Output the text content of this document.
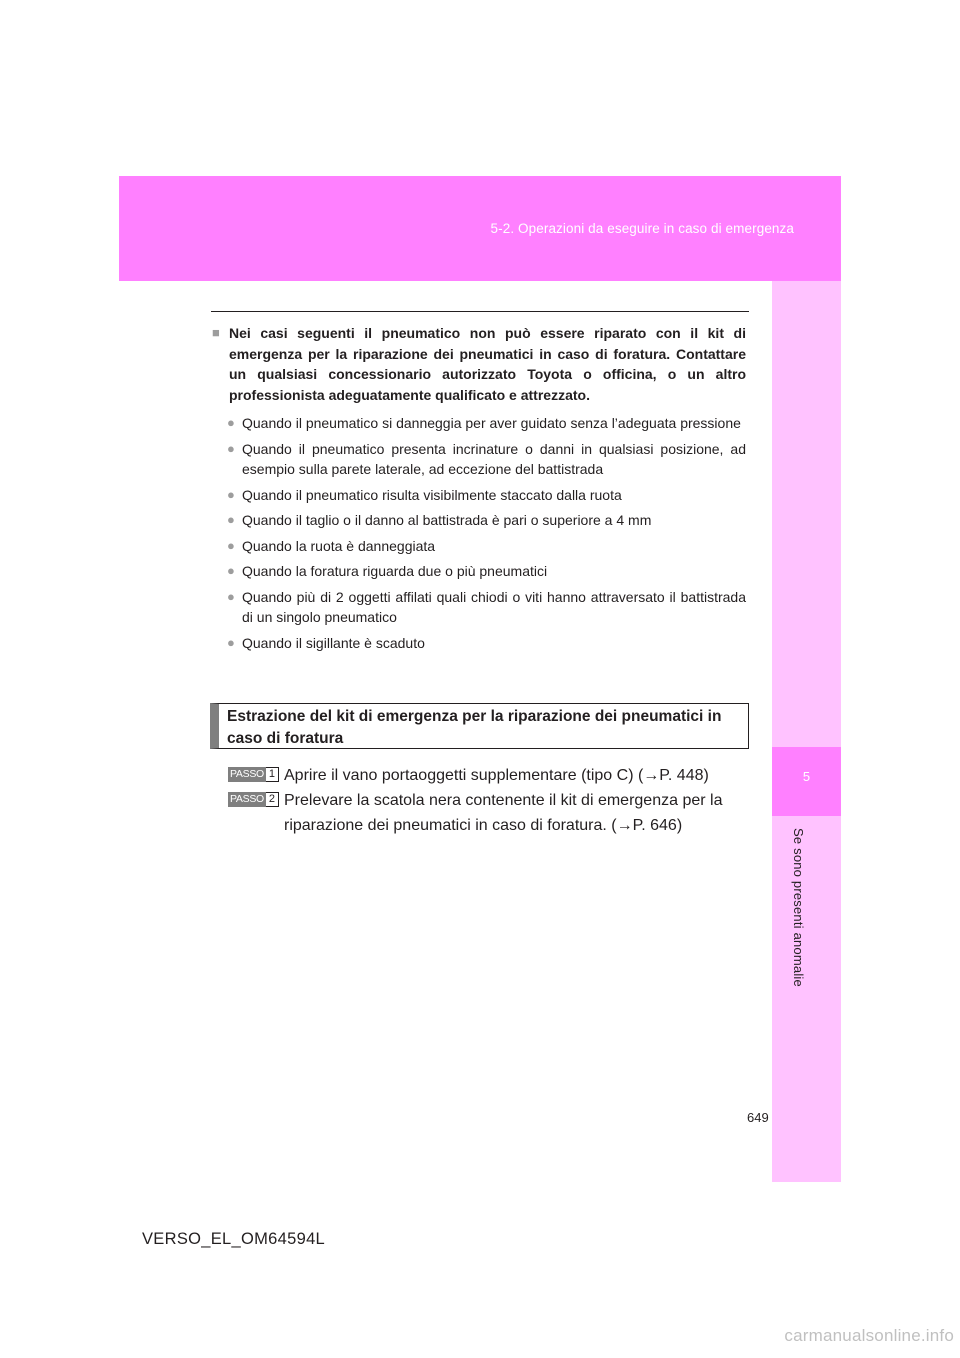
5-2. Operazioni da eseguire in caso di emergenza
5
Se sono presenti anomalie

■ Nei casi seguenti il pneumatico non può essere riparato con il kit di emergenza per la riparazione dei pneumatici in caso di foratura. Contattare un qualsiasi concessionario autorizzato Toyota o officina, o un altro professionista adeguatamente qualificato e attrezzato.

● Quando il pneumatico si danneggia per aver guidato senza l’adeguata pressione
● Quando il pneumatico presenta incrinature o danni in qualsiasi posizione, ad esempio sulla parete laterale, ad eccezione del battistrada
● Quando il pneumatico risulta visibilmente staccato dalla ruota
● Quando il taglio o il danno al battistrada è pari o superiore a 4 mm
● Quando la ruota è danneggiata
● Quando la foratura riguarda due o più pneumatici
● Quando più di 2 oggetti affilati quali chiodi o viti hanno attraversato il battistrada di un singolo pneumatico
● Quando il sigillante è scaduto
Estrazione del kit di emergenza per la riparazione dei pneumatici in caso di foratura
PASSO 1 Aprire il vano portaoggetti supplementare (tipo C) (→P. 448)
PASSO 2 Prelevare la scatola nera contenente il kit di emergenza per la riparazione dei pneumatici in caso di foratura. (→P. 646)
649
VERSO_EL_OM64594L
carmanualsonline.info
